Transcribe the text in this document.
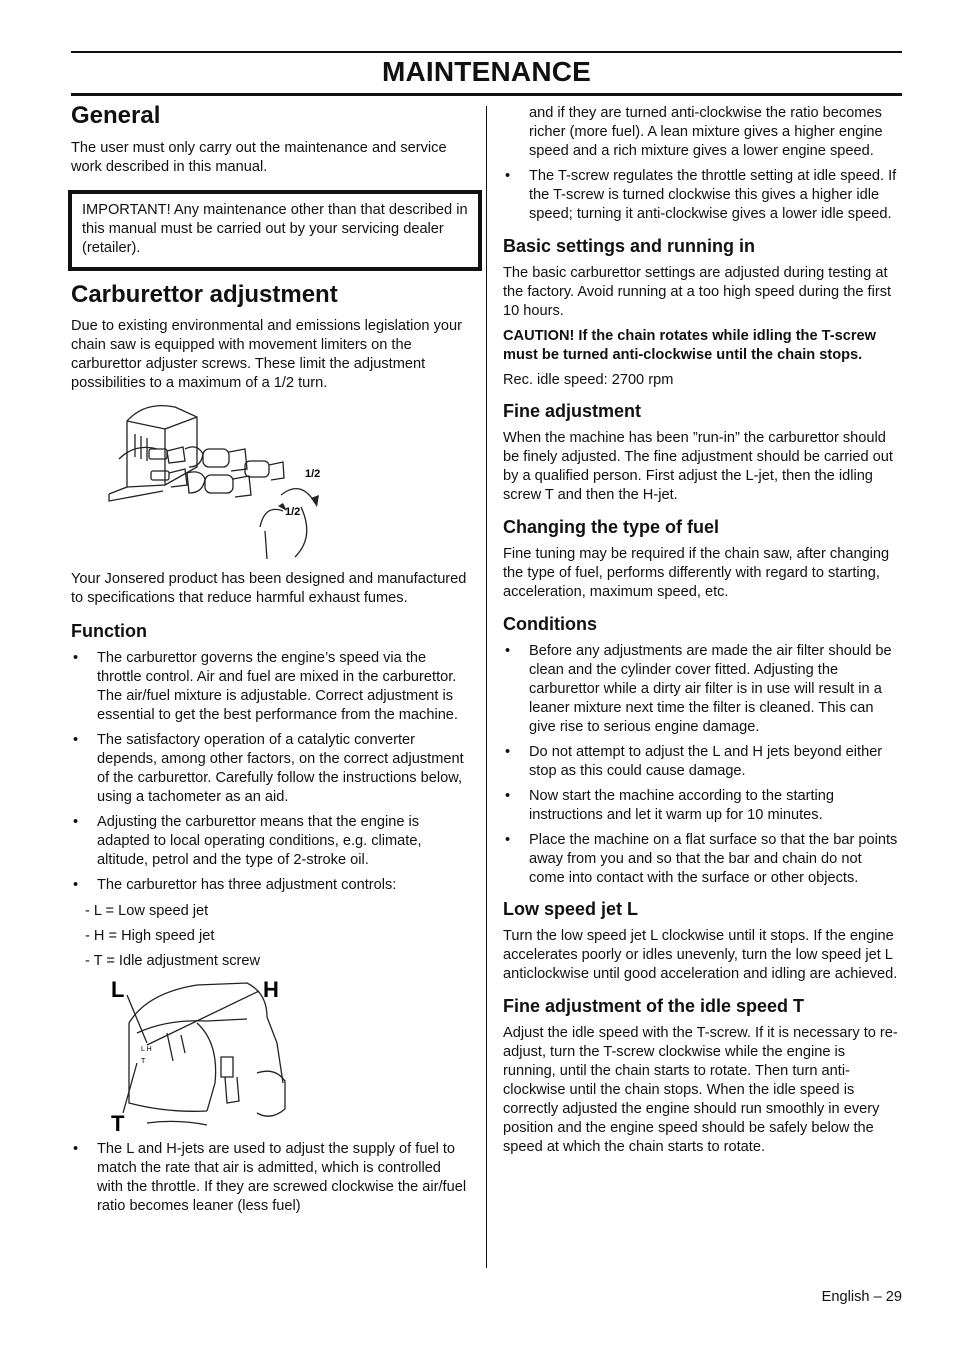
MAINTENANCE
General

The user must only carry out the maintenance and service work described in this manual.

IMPORTANT! Any maintenance other than that described in this manual must be carried out by your servicing dealer (retailer).

Carburettor adjustment

Due to existing environmental and emissions legislation your chain saw is equipped with movement limiters on the carburettor adjuster screws. These limit the adjustment possibilities to a maximum of a 1/2 turn.

1/2
1/2

Your Jonsered product has been designed and manufactured to specifications that reduce harmful exhaust fumes.

Function
• The carburettor governs the engine’s speed via the throttle control. Air and fuel are mixed in the carburettor. The air/fuel mixture is adjustable. Correct adjustment is essential to get the best performance from the machine.
• The satisfactory operation of a catalytic converter depends, among other factors, on the correct adjustment of the carburettor. Carefully follow the instructions below, using a tachometer as an aid.
• Adjusting the carburettor means that the engine is adapted to local operating conditions, e.g. climate, altitude, petrol and the type of 2-stroke oil.
• The carburettor has three adjustment controls:
- L = Low speed jet
- H = High speed jet
- T = Idle adjustment screw
L	H
T
L H
T
• The L and H-jets are used to adjust the supply of fuel to match the rate that air is admitted, which is controlled with the throttle. If they are screwed clockwise the air/fuel ratio becomes leaner (less fuel)
and if they are turned anti-clockwise the ratio becomes richer (more fuel). A lean mixture gives a higher engine speed and a rich mixture gives a lower engine speed.
• The T-screw regulates the throttle setting at idle speed. If the T-screw is turned clockwise this gives a higher idle speed; turning it anti-clockwise gives a lower idle speed.
Basic settings and running in

The basic carburettor settings are adjusted during testing at the factory. Avoid running at a too high speed during the first 10 hours.

CAUTION! If the chain rotates while idling the T-screw must be turned anti-clockwise until the chain stops.

Rec. idle speed: 2700 rpm

Fine adjustment

When the machine has been ”run-in” the carburettor should be finely adjusted. The fine adjustment should be carried out by a qualified person. First adjust the L-jet, then the idling screw T and then the H-jet.

Changing the type of fuel

Fine tuning may be required if the chain saw, after changing the type of fuel, performs differently with regard to starting, acceleration, maximum speed, etc.

Conditions
• Before any adjustments are made the air filter should be clean and the cylinder cover fitted. Adjusting the carburettor while a dirty air filter is in use will result in a leaner mixture next time the filter is cleaned. This can give rise to serious engine damage.
• Do not attempt to adjust the L and H jets beyond either stop as this could cause damage.
• Now start the machine according to the starting instructions and let it warm up for 10 minutes.
• Place the machine on a flat surface so that the bar points away from you and so that the bar and chain do not come into contact with the surface or other objects.
Low speed jet L

Turn the low speed jet L clockwise until it stops. If the engine accelerates poorly or idles unevenly, turn the low speed jet L anticlockwise until good acceleration and idling are achieved.

Fine adjustment of the idle speed T

Adjust the idle speed with the T-screw. If it is necessary to re-adjust, turn the T-screw clockwise while the engine is running, until the chain starts to rotate. Then turn anti-clockwise until the chain stops. When the idle speed is correctly adjusted the engine should run smoothly in every position and the engine speed should be safely below the speed at which the chain starts to rotate.

English – 29
